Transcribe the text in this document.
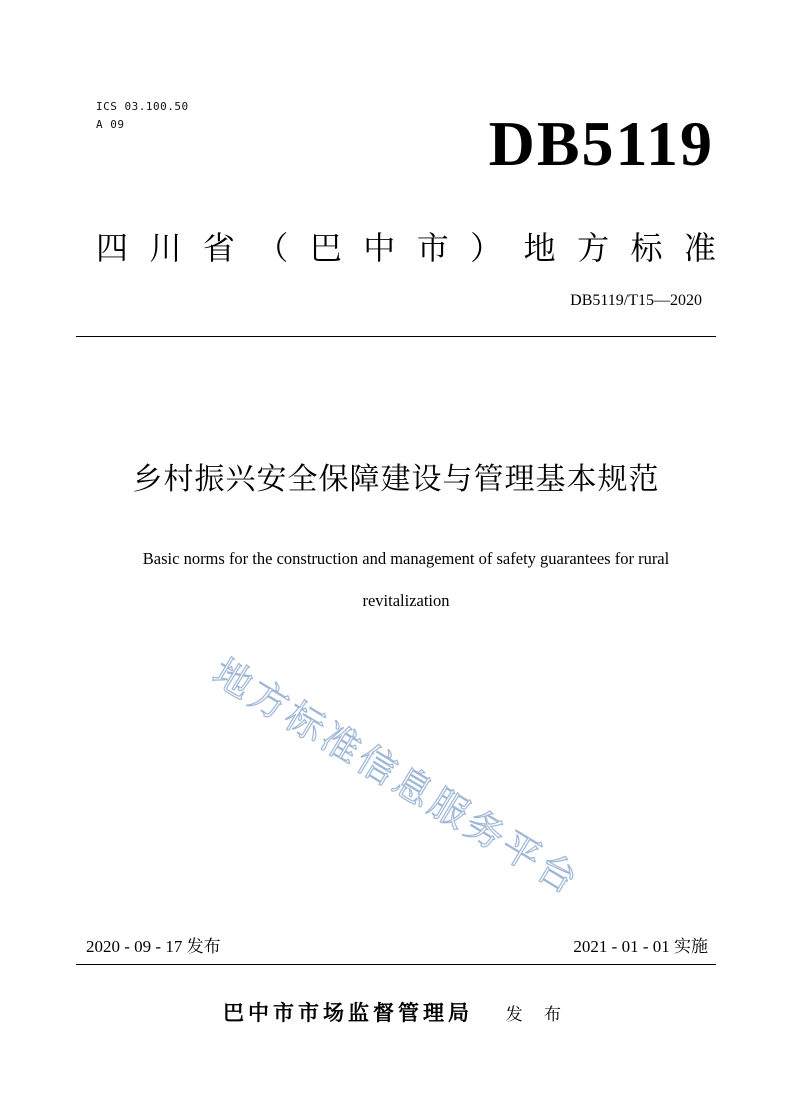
ICS 03.100.50
A 09	DB5119
四 川 省 （ 巴 中 市 ） 地 方 标 准
DB5119/T15—2020
乡村振兴安全保障建设与管理基本规范
Basic norms for the construction and management of safety guarantees for rural
revitalization
地方标准信息服务平台
2020 - 09 - 17 发布	2021 - 01 - 01 实施
巴中市市场监督管理局 发 布
